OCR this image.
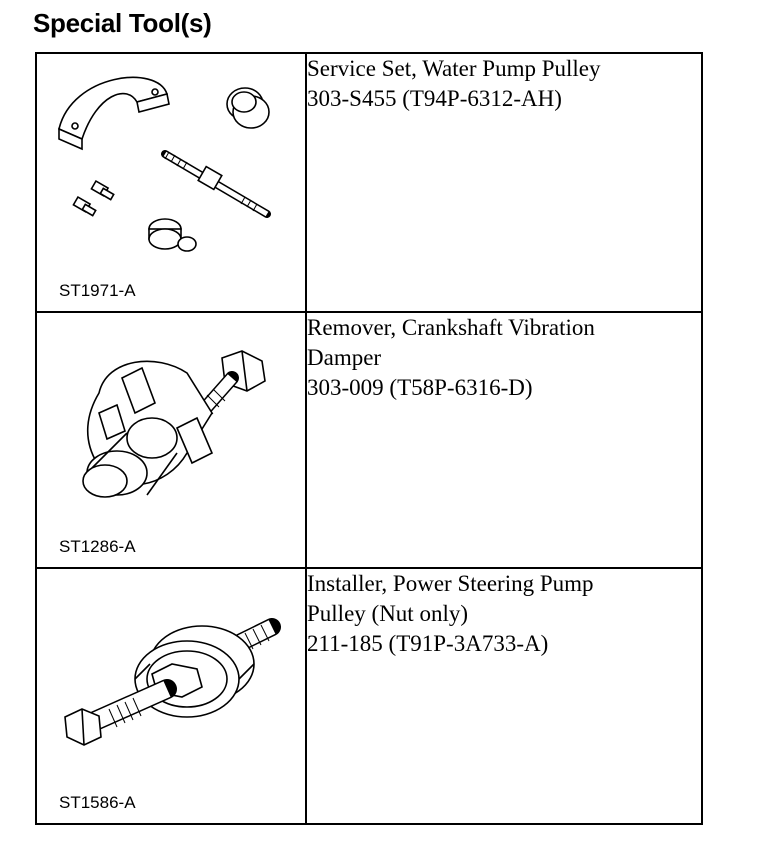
Special Tool(s)
ST1971-A	Service Set, Water Pump Pulley
303-S455 (T94P-6312-AH)

ST1286-A	Remover, Crankshaft Vibration
Damper
303-009 (T58P-6316-D)

ST1586-A	Installer, Power Steering Pump
Pulley (Nut only)
211-185 (T91P-3A733-A)
